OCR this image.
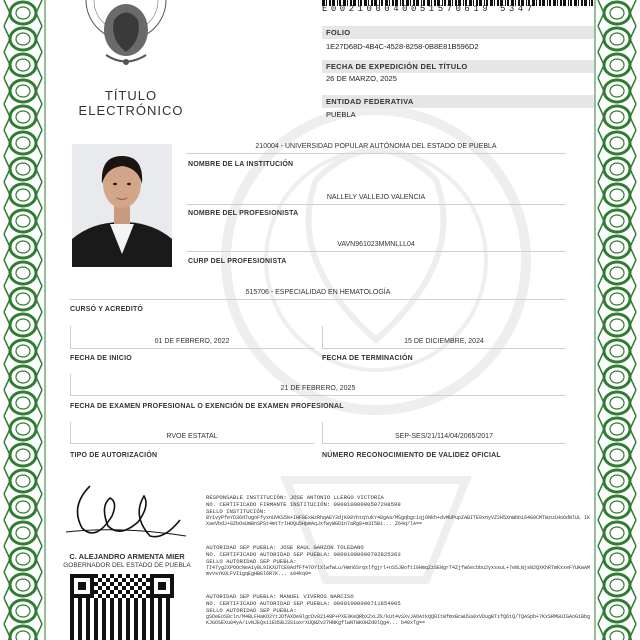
TÍTULO
ELECTRÓNICO
E002100040051570619 5347
FOLIO
1E27D68D-4B4C-4528-8258-0B8E81B596D2
FECHA DE EXPEDICIÓN DEL TÍTULO
26 DE MARZO, 2025
ENTIDAD FEDERATIVA
PUEBLA
210004 - UNIVERSIDAD POPULAR AUTÓNOMA DEL ESTADO DE PUEBLA
NOMBRE DE LA INSTITUCIÓN
NALLELY VALLEJO VALENCIA
NOMBRE DEL PROFESIONISTA
VAVN961023MMNLLL04
CURP DEL PROFESIONISTA
515706 - ESPECIALIDAD EN HEMATOLOGÍA
CURSÓ Y ACREDITÓ
01 DE FEBRERO, 2022
FECHA DE INICIO
15 DE DICIEMBRE, 2024
FECHA DE TERMINACIÓN
21 DE FEBRERO, 2025
FECHA DE EXAMEN PROFESIONAL O EXENCIÓN DE EXAMEN PROFESIONAL
RVOE ESTATAL
TIPO DE AUTORIZACIÓN
SEP-SES/21/114/04/2065/2017
NÚMERO RECONOCIMIENTO DE VALIDEZ OFICIAL
C. ALEJANDRO ARMENTA MIER
GOBERNADOR DEL ESTADO DE PUEBLA
RESPONSABLE INSTITUCIÓN: JOSE ANTONIO LLERGO VICTORIA
NO. CERTIFICADO FIRMANTE INSTITUCIÓN: 00001000000507298599
SELLO INSTITUCIÓN:
BY1vyPfeYD36d7ugoFfyxnUVKS5N+IHF8ExWzRhqAEY3djK08YbtqYukY48gAa/MSgqbgc1qj0Nkh+dvMUPupZABITE0xnyVZ2H5XnWbbi64G0CMTWzu1HoOdNlUL IKXaeVbdJ+8ZbOsUmBnSPSt4mtTrlHOQu5HpmAqJxfwyWGD1n7aRg8+m3I5Bi... Z64q/lA==
AUTORIDAD SEP PUEBLA: JOSE RAUL GARZON TOLEDANO
NO. CERTIFICADO AUTORIDAD SEP PUEBLA: 00001000000702825363
SELLO AUTORIDAD SEP PUEBLA:
TI4Tyg2XPOOcNeA1yBL9IKXUTCE0AdfFf47OYlXlwfwLu/Hmn6Srqxlfgjrl+nS5JBoftI0HmqZzSENgrT4Zjfw6ecbbu2yxssuL+7eNLNjsN2QXKhRTmKxxeFYUKwAMmvVsYKOLFVI1gqEgHBGl6R7K... s94kq0=
AUTORIDAD SEP PUEBLA: MANUEL VIVEROS NARCISO
NO. CERTIFICADO AUTORIDAD SEP PUEBLA: 00001000000711854905
SELLO AUTORIDAD SEP PUEBLA:
gSDeEoS8cln/M4BLFHaKO2YtJOfAXOe9lgcDv82148P+PXE3KeQRbXZxLZk/kUt4vSXvJAOAtkQQ0ItWfmxBcwUSa0xVDugBTifQ6tQ/TQASpb+7KxSRMGUIGAoG1BbgKJGOSEXu84yA/ivNJEQsiiEdSBJ3S1axrXUQWZv27HNKgflwNTWKOHZd0lQg4... b40xTg==
